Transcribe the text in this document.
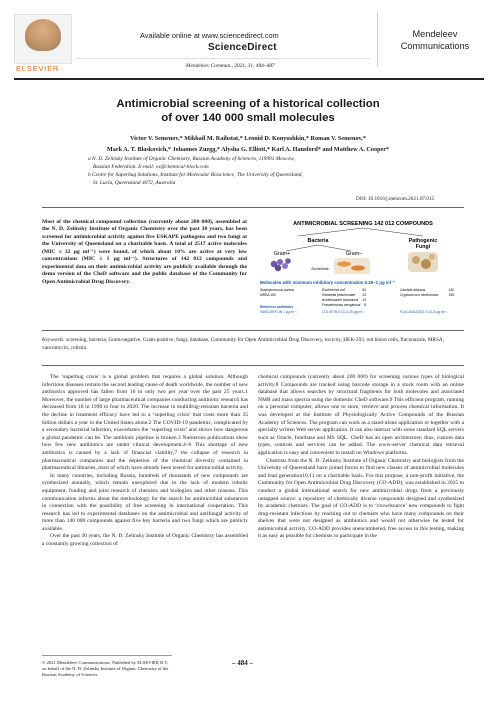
ELSEVIER
Available online at www.sciencedirect.com
ScienceDirect
Mendeleev Commun., 2021, 31, 484–487
Mendeleev
Communications
Antimicrobial screening of a historical collection
of over 140 000 small molecules
Victor V. Semenov,* Mikhail M. Raihstat,* Leonid D. Konyushkin,* Roman V. Semenov,*
Mark A. T. Blaskovich,* Johannes Zuegg,* Alysha G. Elliott,* Karl A. Hansford* and Matthew A. Cooper*
a N. D. Zelinsky Institute of Organic Chemistry, Russian Academy of Sciences, 119991 Moscow,
Russian Federation. E-mail: vs@chemical-block.com
b Centre for Superbug Solutions, Institute for Molecular Bioscience, The University of Queensland,
St. Lucia, Queensland 4072, Australia
DOI: 10.1016/j.mencom.2021.07.015
Most of the chemical compound collection (currently about 200 000), assembled at the N. D. Zelinsky Institute of Organic Chemistry over the past 30 years, has been screened for antimicrobial activity against five ESKAPE pathogens and two fungi at the University of Queensland on a charitable basis. A total of 2517 active molecules (MIC ≤ 32 μg ml⁻¹) were found, of which about 10% are active at very low concentrations (MIC ≤ 1 μg ml⁻¹). Structures of 142 012 compounds and experimental data on their antimicrobial activity are publicly available through the demo version of the CheD software and the public database of the Community for Open Antimicrobial Drug Discovery.
ANTIMICROBIAL SCREENING 142 012 COMPOUNDS
Bacteria	Pathogenic
Fungi
Gram+	Gram–
Escherichia
Molecules with minimum inhibitory concentration 0.25–1 μg ml⁻¹
Staphylococcus aureus
MRSA 150
Escherichia coli	54
Klebsiella pneumoniae 23
Acinetobacter baumannii 14
Pseudomonas aeruginosa 8
Candida albicans	130
Cryptococcus neoformans	195
Reference antibiotics
VANCOMYCIN 1 μg ml⁻¹	COLISTIN 0.13–0.25 μg ml⁻¹	FLUCONAZOLE 0.13–8 μg ml⁻¹
Keywords: screening, bacteria, Gram-negative, Gram-positive, fungi, database, Community for Open Antimicrobial Drug Discovery, toxicity, HEK-293, red blood cells, fluconazole, MRSA, vancomycin, colistin.

The ‘superbug crisis’ is a global problem that requires a global solution. Although infectious diseases remain the second leading cause of death worldwide, the number of new antibiotics approved has fallen from 16 to only two per year over the past 25 years.1 Moreover, the number of large pharmaceutical companies conducting antibiotic research has decreased from 18 in 1990 to four in 2020. The increase in multidrug-resistant bacteria and the decline in treatment efficacy have led to a ‘superbug crisis’ that costs more than 35 billion dollars a year in the United States alone.2 The COVID-19 pandemic, complicated by a secondary bacterial infection, exacerbates the ‘superbug crisis’ and shows how dangerous a global pandemic can be. The antibiotic pipeline is broken.3 Numerous publications show how few new antibiotics are under clinical development.4–6 This shortage of new antibiotics is caused by a lack of financial viability,7 the collapse of research in pharmaceutical companies and the depletion of the chemical diversity contained in pharmaceutical libraries, most of which have already been tested for antimicrobial activity.

In many countries, including Russia, hundreds of thousands of new compounds are synthesized annually, which remain unexplored due to the lack of modern robotic equipment, funding and joint research of chemists and biologists and other reasons. This communication informs about the methodology for the search for antimicrobial substances in connection with the possibility of free screening in international cooperation. This research has led to experimental databases on the antimicrobial and antifungal activity of more than 140 000 compounds against five key bacteria and two fungi which are publicly available.

Over the past 30 years, the N. D. Zelinsky Institute of Organic Chemistry has assembled a constantly growing collection of

chemical compounds (currently about 200 000) for screening various types of biological activity.8 Compounds are tracked using barcode storage in a stock room with an online database that allows searches by structural fragments for both molecules and associated NMR and mass spectra using the domestic ChеD software.9 This efficient program, running on a personal computer, allows one to store, retrieve and process chemical information. It was developed at the Institute of Physiologically Active Compounds of the Russian Academy of Sciences. The program can work as a stand-alone application or together with a specially written Web server application. It can also interact with some standard SQL servers such as Oracle, Interbase and MS SQL. ChеD has an open architecture; thus, custom data types, controls and services can be added. The www-server chemical data retrieval application is easy and convenient to install on Windows platforms.

Chemists from the N. D. Zelinsky Institute of Organic Chemistry and biologists from the University of Queensland have joined forces to find new classes of antimicrobial molecules and lead generation10,11 on a charitable basis. For this purpose, a non-profit initiative, the Community for Open Antimicrobial Drug Discovery (CO-ADD), was established in 2015 to conduct a global international search for new antimicrobial drugs from a previously untapped source: a repository of chemically diverse compounds designed and synthesized by academic chemists. The goal of CO-ADD is to ‘crowdsource’ new compounds to fight drug-resistant infections by reaching out to chemists who have many compounds on their shelves that were not designed as antibiotics and would not otherwise be tested for antimicrobial activity. CO-ADD provides unencumbered, free access to this testing, making it as easy as possible for chemists to participate in the

© 2021 Mendeleev Communications. Published by ELSEVIER B.V.
on behalf of the N. D. Zelinsky Institute of Organic Chemistry of the
Russian Academy of Sciences.
– 484 –
